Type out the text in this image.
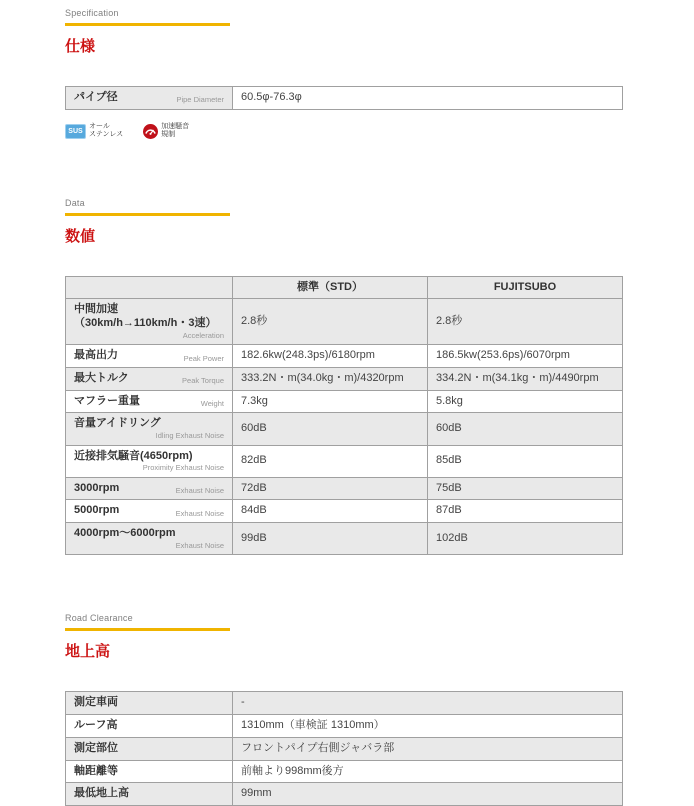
Specification
仕様
パイプ径	Pipe Diameter	60.5φ-76.3φ
SUS
オール
ステンレス
加速騒音
規制
Data
数値
	標準（STD）	FUJITSUBO

中間加速（30km/h→110km/h・3速）
Acceleration	2.8秒	2.8秒

最高出力 Peak Power	182.6kw(248.3ps)/6180rpm	186.5kw(253.6ps)/6070rpm

最大トルク Peak Torque	333.2N・m(34.0kg・m)/4320rpm	334.2N・m(34.1kg・m)/4490rpm

マフラー重量 Weight	7.3kg	5.8kg

音量アイドリング
Idling Exhaust Noise	60dB	60dB

近接排気騒音(4650rpm)
Proximity Exhaust Noise	82dB	85dB

3000rpm Exhaust Noise	72dB	75dB

5000rpm Exhaust Noise	84dB	87dB

4000rpm～6000rpm
Exhaust Noise	99dB	102dB
Road Clearance
地上高
測定車両	-

ルーフ高	1310mm（車検証 1310mm）

測定部位	フロントパイプ右側ジャバラ部

軸距離等	前軸より998mm後方

最低地上高	99mm
